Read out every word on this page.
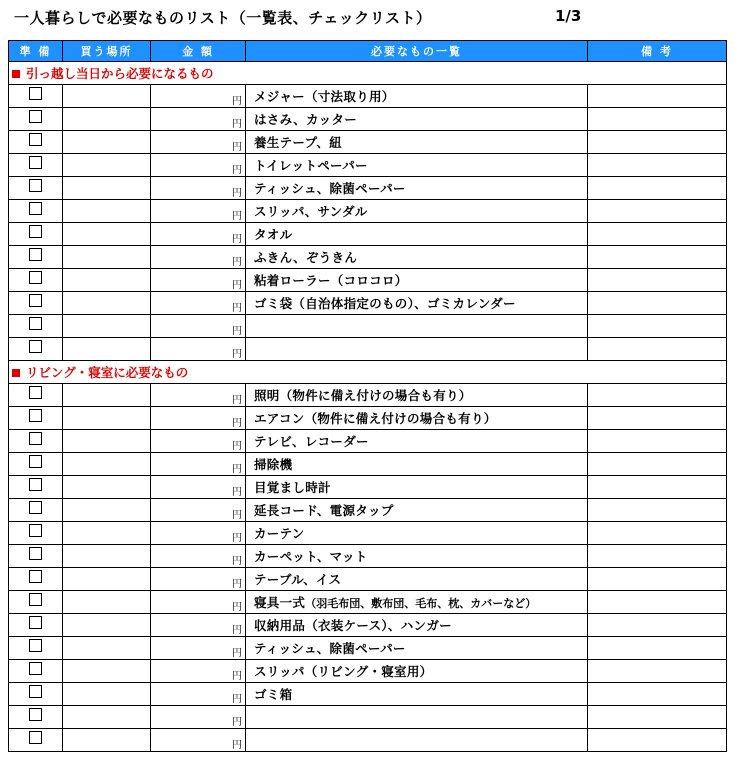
一人暮らしで必要なものリスト（一覧表、チェックリスト）	1/3
準 備	買う場所	金 額	必要なもの一覧	備 考
引っ越し当日から必要になるもの				
		円	メジャー（寸法取り用）	
		円	はさみ、カッター	
		円	養生テープ、紐	
		円	トイレットペーパー	
		円	ティッシュ、除菌ペーパー	
		円	スリッパ、サンダル	
		円	タオル	
		円	ふきん、ぞうきん	
		円	粘着ローラー（コロコロ）	
		円	ゴミ袋（自治体指定のもの）、ゴミカレンダー	
		円		
		円		
リビング・寝室に必要なもの				
		円	照明（物件に備え付けの場合も有り）	
		円	エアコン（物件に備え付けの場合も有り）	
		円	テレビ、レコーダー	
		円	掃除機	
		円	目覚まし時計	
		円	延長コード、電源タップ	
		円	カーテン	
		円	カーペット、マット	
		円	テーブル、イス	
		円	寝具一式（羽毛布団、敷布団、毛布、枕、カバーなど）	
		円	収納用品（衣装ケース）、ハンガー	
		円	ティッシュ、除菌ペーパー	
		円	スリッパ（リビング・寝室用）	
		円	ゴミ箱	
		円		
		円		
